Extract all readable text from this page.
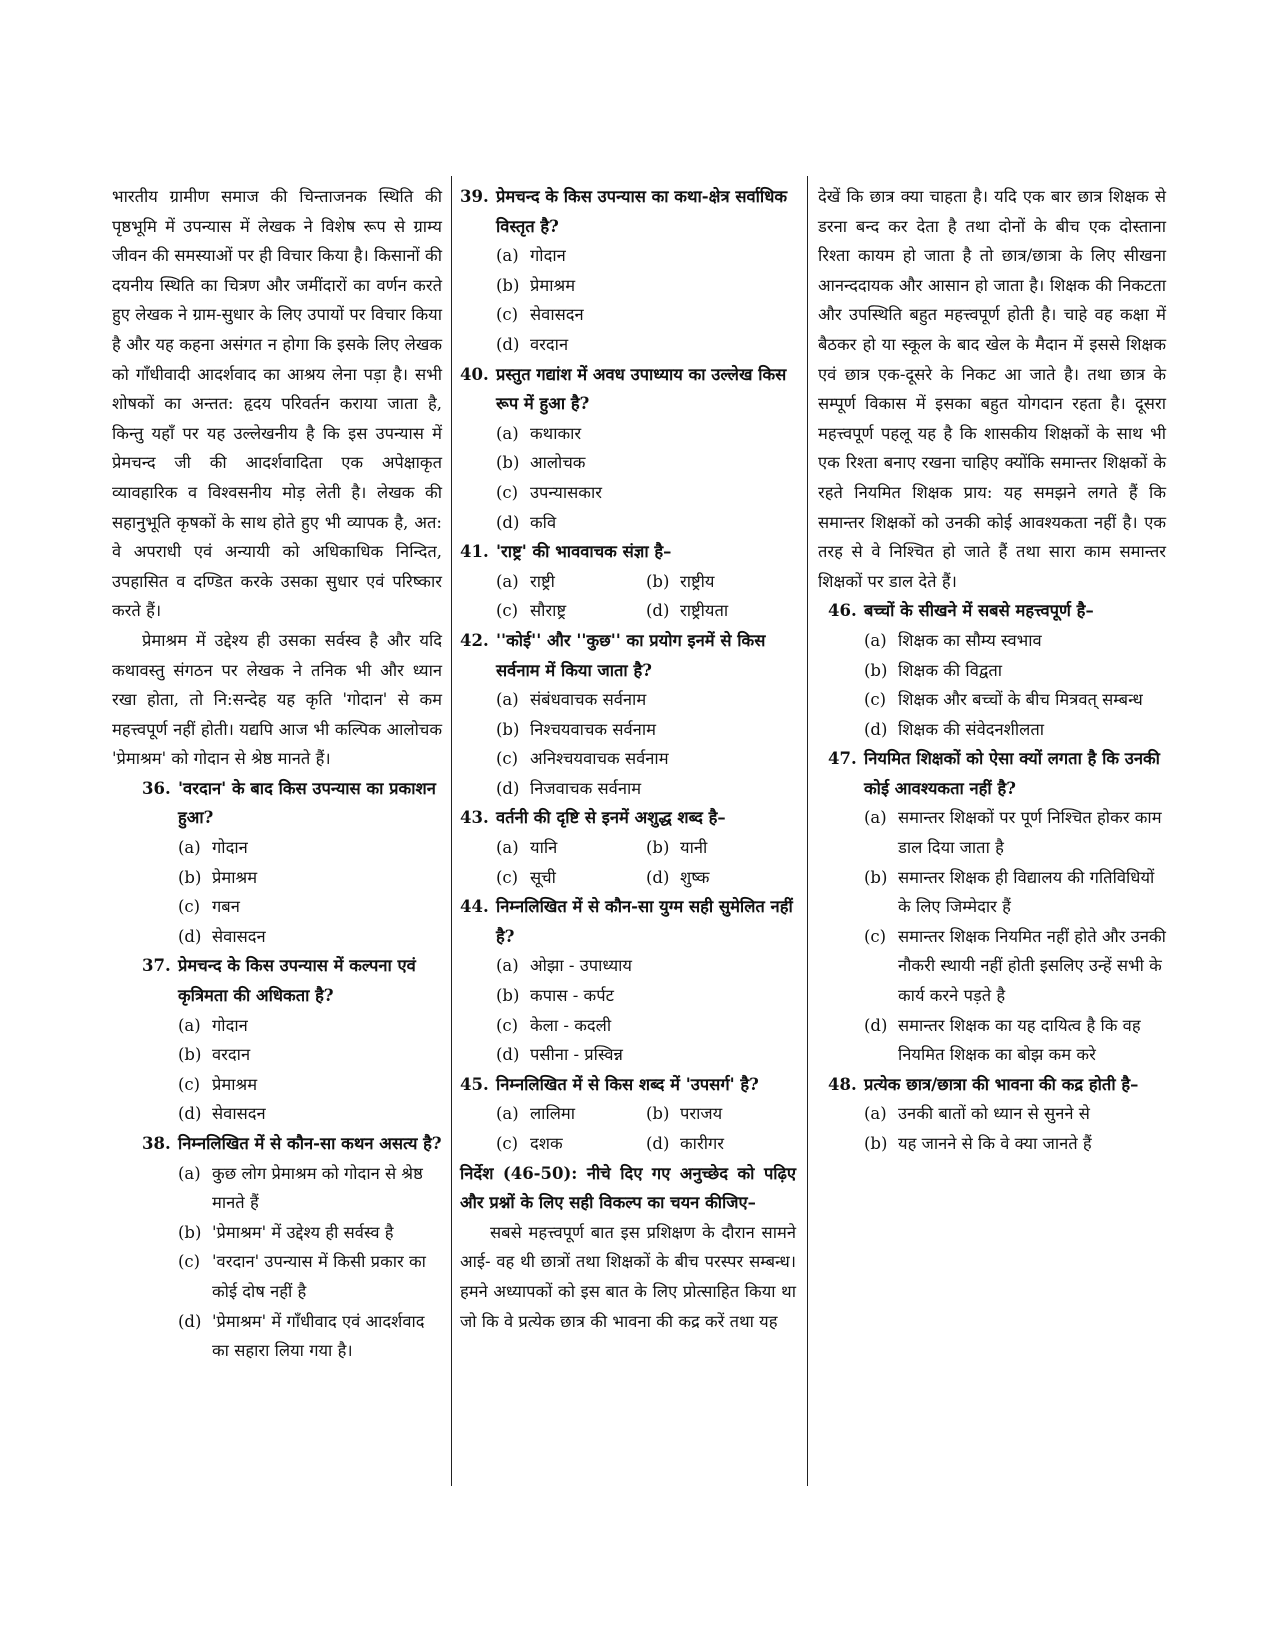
भारतीय ग्रामीण समाज की चिन्ताजनक स्थिति की पृष्ठभूमि में उपन्यास में लेखक ने विशेष रूप से ग्राम्य जीवन की समस्याओं पर ही विचार किया है। किसानों की दयनीय स्थिति का चित्रण और जमींदारों का वर्णन करते हुए लेखक ने ग्राम-सुधार के लिए उपायों पर विचार किया है और यह कहना असंगत न होगा कि इसके लिए लेखक को गाँधीवादी आदर्शवाद का आश्रय लेना पड़ा है। सभी शोषकों का अन्तत: हृदय परिवर्तन कराया जाता है, किन्तु यहाँ पर यह उल्लेखनीय है कि इस उपन्यास में प्रेमचन्द जी की आदर्शवादिता एक अपेक्षाकृत व्यावहारिक व विश्वसनीय मोड़ लेती है। लेखक की सहानुभूति कृषकों के साथ होते हुए भी व्यापक है, अत: वे अपराधी एवं अन्यायी को अधिकाधिक निन्दित, उपहासित व दण्डित करके उसका सुधार एवं परिष्कार करते हैं।

प्रेमाश्रम में उद्देश्य ही उसका सर्वस्व है और यदि कथावस्तु संगठन पर लेखक ने तनिक भी और ध्यान रखा होता, तो नि:सन्देह यह कृति 'गोदान' से कम महत्त्वपूर्ण नहीं होती। यद्यपि आज भी कल्पिक आलोचक 'प्रेमाश्रम' को गोदान से श्रेष्ठ मानते हैं।

36. 'वरदान' के बाद किस उपन्यास का प्रकाशन हुआ?
(a) गोदान
(b) प्रेमाश्रम
(c) गबन
(d) सेवासदन
37. प्रेमचन्द के किस उपन्यास में कल्पना एवं कृत्रिमता की अधिकता है?
(a) गोदान
(b) वरदान
(c) प्रेमाश्रम
(d) सेवासदन
38. निम्नलिखित में से कौन-सा कथन असत्य है?
(a) कुछ लोग प्रेमाश्रम को गोदान से श्रेष्ठ मानते हैं
(b) 'प्रेमाश्रम' में उद्देश्य ही सर्वस्व है
(c) 'वरदान' उपन्यास में किसी प्रकार का कोई दोष नहीं है
(d) 'प्रेमाश्रम' में गाँधीवाद एवं आदर्शवाद का सहारा लिया गया है।
39. प्रेमचन्द के किस उपन्यास का कथा-क्षेत्र सर्वाधिक विस्तृत है?
(a) गोदान
(b) प्रेमाश्रम
(c) सेवासदन
(d) वरदान
40. प्रस्तुत गद्यांश में अवध उपाध्याय का उल्लेख किस रूप में हुआ है?
(a) कथाकार
(b) आलोचक
(c) उपन्यासकार
(d) कवि
41. 'राष्ट्र' की भाववाचक संज्ञा है–
(a) राष्ट्री	(b) राष्ट्रीय
(c) सौराष्ट्र	(d) राष्ट्रीयता
42. ''कोई'' और ''कुछ'' का प्रयोग इनमें से किस सर्वनाम में किया जाता है?
(a) संबंधवाचक सर्वनाम
(b) निश्चयवाचक सर्वनाम
(c) अनिश्चयवाचक सर्वनाम
(d) निजवाचक सर्वनाम
43. वर्तनी की दृष्टि से इनमें अशुद्ध शब्द है–
(a) यानि	(b) यानी
(c) सूची	(d) शुष्क
44. निम्नलिखित में से कौन-सा युग्म सही सुमेलित नहीं है?
(a) ओझा - उपाध्याय
(b) कपास - कर्पट
(c) केला - कदली
(d) पसीना - प्रस्विन्न
45. निम्नलिखित में से किस शब्द में 'उपसर्ग' है?
(a) लालिमा	(b) पराजय
(c) दशक	(d) कारीगर

निर्देश (46-50): नीचे दिए गए अनुच्छेद को पढ़िए और प्रश्नों के लिए सही विकल्प का चयन कीजिए–

सबसे महत्त्वपूर्ण बात इस प्रशिक्षण के दौरान सामने आई- वह थी छात्रों तथा शिक्षकों के बीच परस्पर सम्बन्ध। हमने अध्यापकों को इस बात के लिए प्रोत्साहित किया था जो कि वे प्रत्येक छात्र की भावना की कद्र करें तथा यह

देखें कि छात्र क्या चाहता है। यदि एक बार छात्र शिक्षक से डरना बन्द कर देता है तथा दोनों के बीच एक दोस्ताना रिश्ता कायम हो जाता है तो छात्र/छात्रा के लिए सीखना आनन्ददायक और आसान हो जाता है। शिक्षक की निकटता और उपस्थिति बहुत महत्त्वपूर्ण होती है। चाहे वह कक्षा में बैठकर हो या स्कूल के बाद खेल के मैदान में इससे शिक्षक एवं छात्र एक-दूसरे के निकट आ जाते है। तथा छात्र के सम्पूर्ण विकास में इसका बहुत योगदान रहता है। दूसरा महत्त्वपूर्ण पहलू यह है कि शासकीय शिक्षकों के साथ भी एक रिश्ता बनाए रखना चाहिए क्योंकि समान्तर शिक्षकों के रहते नियमित शिक्षक प्राय: यह समझने लगते हैं कि समान्तर शिक्षकों को उनकी कोई आवश्यकता नहीं है। एक तरह से वे निश्चित हो जाते हैं तथा सारा काम समान्तर शिक्षकों पर डाल देते हैं।

46. बच्चों के सीखने में सबसे महत्त्वपूर्ण है–
(a) शिक्षक का सौम्य स्वभाव
(b) शिक्षक की विद्वता
(c) शिक्षक और बच्चों के बीच मित्रवत् सम्बन्ध
(d) शिक्षक की संवेदनशीलता
47. नियमित शिक्षकों को ऐसा क्यों लगता है कि उनकी कोई आवश्यकता नहीं है?
(a) समान्तर शिक्षकों पर पूर्ण निश्चित होकर काम डाल दिया जाता है
(b) समान्तर शिक्षक ही विद्यालय की गतिविधियों के लिए जिम्मेदार हैं
(c) समान्तर शिक्षक नियमित नहीं होते और उनकी नौकरी स्थायी नहीं होती इसलिए उन्हें सभी के कार्य करने पड़ते है
(d) समान्तर शिक्षक का यह दायित्व है कि वह नियमित शिक्षक का बोझ कम करे
48. प्रत्येक छात्र/छात्रा की भावना की कद्र होती है–
(a) उनकी बातों को ध्यान से सुनने से
(b) यह जानने से कि वे क्या जानते हैं
